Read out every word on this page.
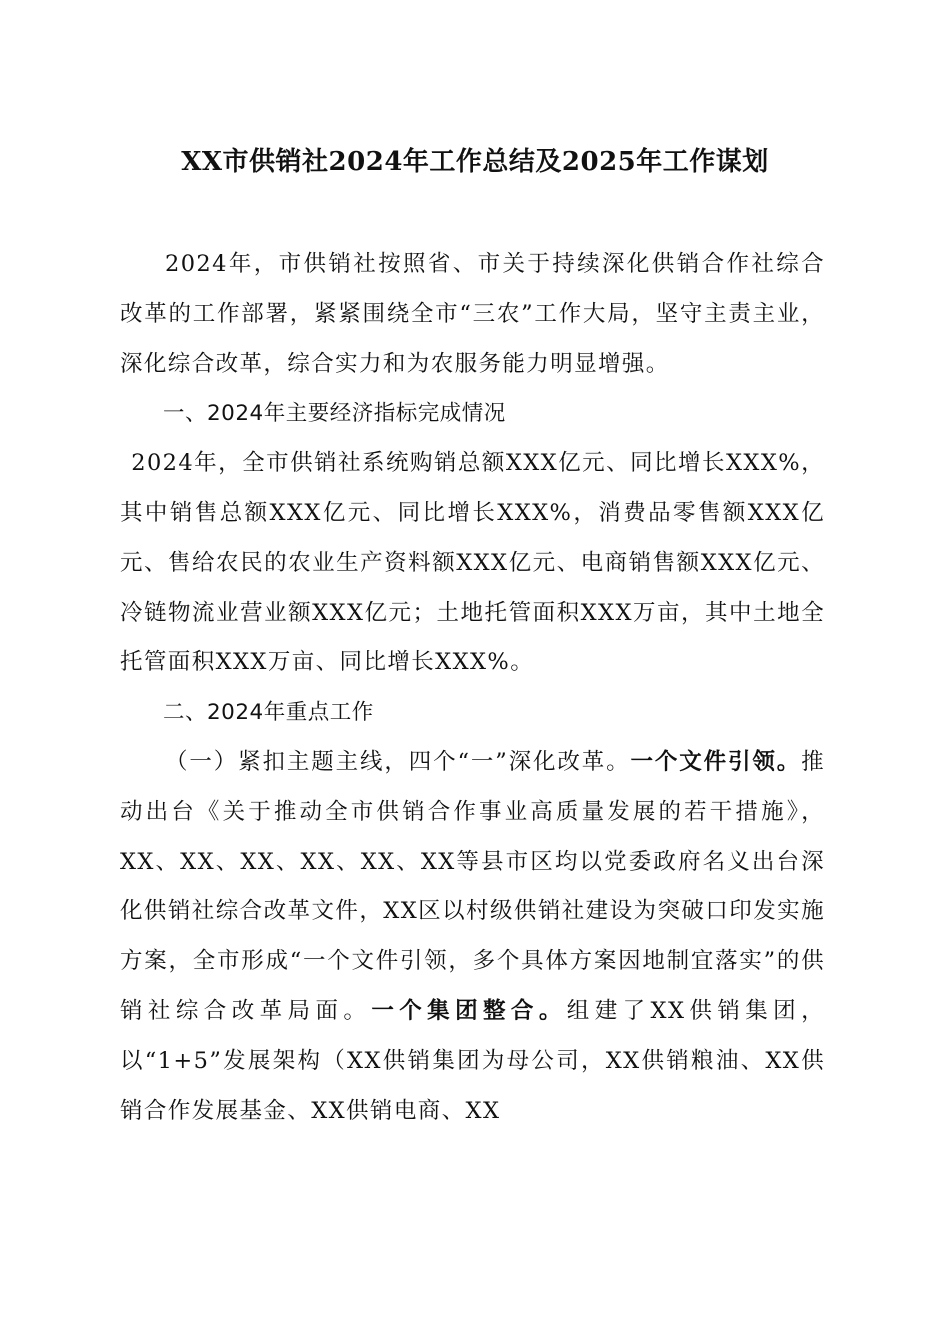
XX市供销社2024年工作总结及2025年工作谋划

2024年，市供销社按照省、市关于持续深化供销合作社综合改革的工作部署，紧紧围绕全市“三农”工作大局，坚守主责主业，深化综合改革，综合实力和为农服务能力明显增强。

一、2024年主要经济指标完成情况

2024年，全市供销社系统购销总额XXX亿元、同比增长XXX%，其中销售总额XXX亿元、同比增长XXX%，消费品零售额XXX亿元、售给农民的农业生产资料额XXX亿元、电商销售额XXX亿元、冷链物流业营业额XXX亿元；土地托管面积XXX万亩，其中土地全托管面积XXX万亩、同比增长XXX%。

二、2024年重点工作

（一）紧扣主题主线，四个“一”深化改革。一个文件引领。推动出台《关于推动全市供销合作事业高质量发展的若干措施》，XX、XX、XX、XX、XX、XX等县市区均以党委政府名义出台深化供销社综合改革文件，XX区以村级供销社建设为突破口印发实施方案，全市形成“一个文件引领，多个具体方案因地制宜落实”的供销社综合改革局面。一个集团整合。组建了XX供销集团，以“1+5”发展架构（XX供销集团为母公司，XX供销粮油、XX供销合作发展基金、XX供销电商、XX
